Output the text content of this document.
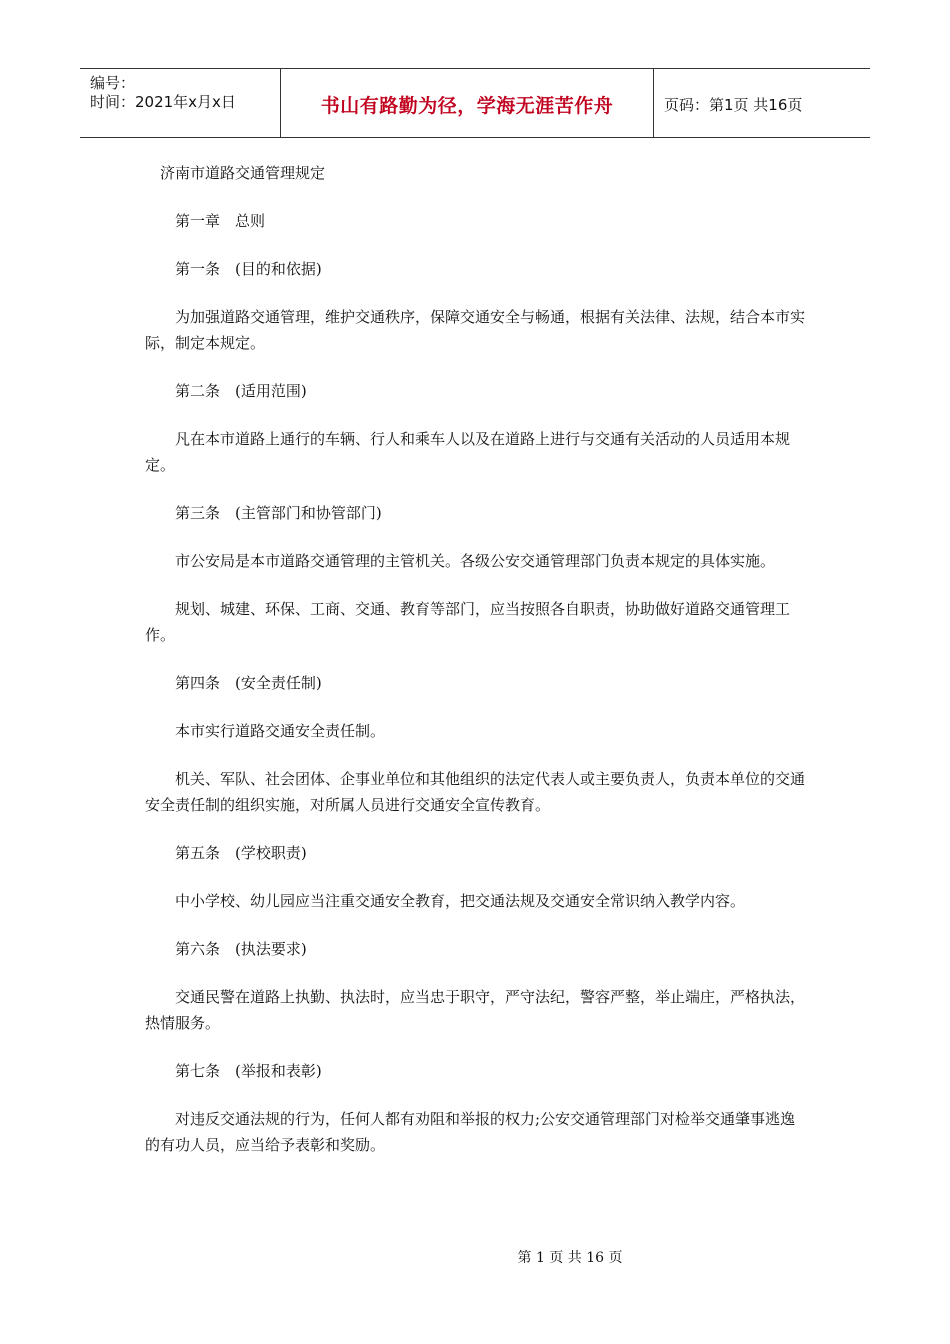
编号：
时间：2021年x月x日	书山有路勤为径，学海无涯苦作舟	页码：第1页 共16页

济南市道路交通管理规定

第一章　总则

第一条　(目的和依据)

为加强道路交通管理，维护交通秩序，保障交通安全与畅通，根据有关法律、法规，结合本市实际，制定本规定。

第二条　(适用范围)

凡在本市道路上通行的车辆、行人和乘车人以及在道路上进行与交通有关活动的人员适用本规定。

第三条　(主管部门和协管部门)

市公安局是本市道路交通管理的主管机关。各级公安交通管理部门负责本规定的具体实施。

规划、城建、环保、工商、交通、教育等部门，应当按照各自职责，协助做好道路交通管理工作。

第四条　(安全责任制)

本市实行道路交通安全责任制。

机关、军队、社会团体、企事业单位和其他组织的法定代表人或主要负责人，负责本单位的交通安全责任制的组织实施，对所属人员进行交通安全宣传教育。

第五条　(学校职责)

中小学校、幼儿园应当注重交通安全教育，把交通法规及交通安全常识纳入教学内容。

第六条　(执法要求)

交通民警在道路上执勤、执法时，应当忠于职守，严守法纪，警容严整，举止端庄，严格执法，热情服务。

第七条　(举报和表彰)

对违反交通法规的行为，任何人都有劝阻和举报的权力;公安交通管理部门对检举交通肇事逃逸的有功人员，应当给予表彰和奖励。

第 1 页 共 16 页
